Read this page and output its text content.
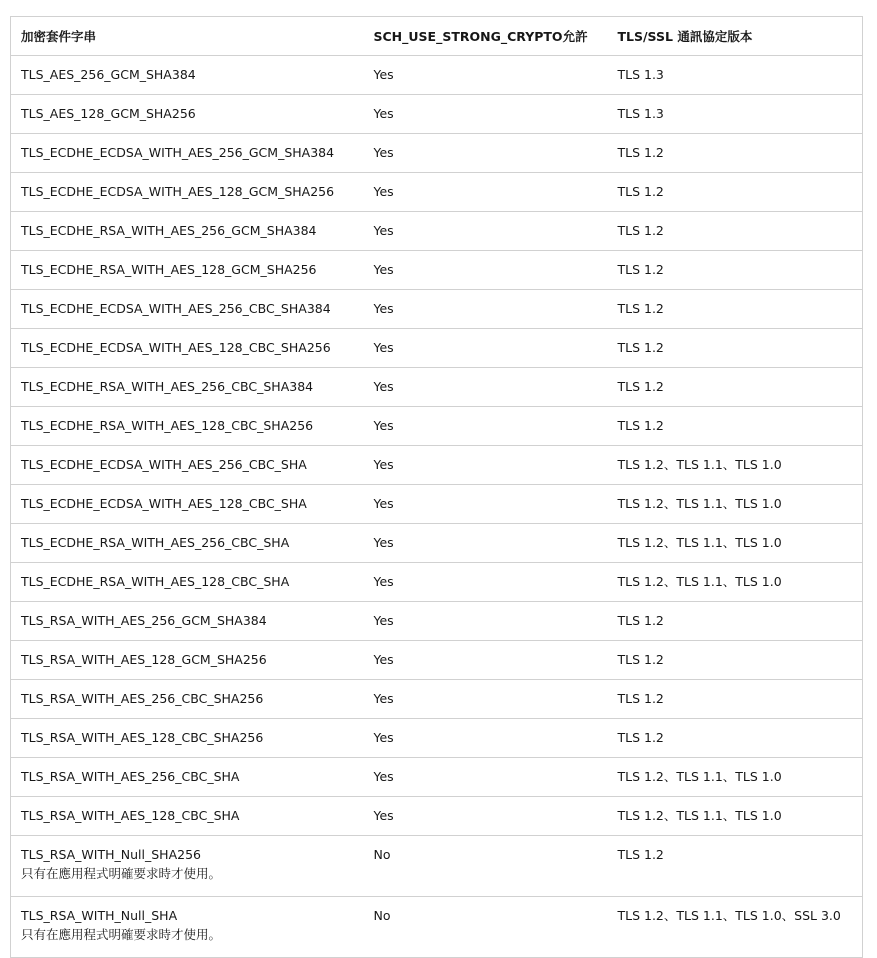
加密套件字串	SCH_USE_STRONG_CRYPTO允許	TLS/SSL 通訊協定版本
TLS_AES_256_GCM_SHA384	Yes	TLS 1.3
TLS_AES_128_GCM_SHA256	Yes	TLS 1.3
TLS_ECDHE_ECDSA_WITH_AES_256_GCM_SHA384	Yes	TLS 1.2
TLS_ECDHE_ECDSA_WITH_AES_128_GCM_SHA256	Yes	TLS 1.2
TLS_ECDHE_RSA_WITH_AES_256_GCM_SHA384	Yes	TLS 1.2
TLS_ECDHE_RSA_WITH_AES_128_GCM_SHA256	Yes	TLS 1.2
TLS_ECDHE_ECDSA_WITH_AES_256_CBC_SHA384	Yes	TLS 1.2
TLS_ECDHE_ECDSA_WITH_AES_128_CBC_SHA256	Yes	TLS 1.2
TLS_ECDHE_RSA_WITH_AES_256_CBC_SHA384	Yes	TLS 1.2
TLS_ECDHE_RSA_WITH_AES_128_CBC_SHA256	Yes	TLS 1.2
TLS_ECDHE_ECDSA_WITH_AES_256_CBC_SHA	Yes	TLS 1.2、TLS 1.1、TLS 1.0
TLS_ECDHE_ECDSA_WITH_AES_128_CBC_SHA	Yes	TLS 1.2、TLS 1.1、TLS 1.0
TLS_ECDHE_RSA_WITH_AES_256_CBC_SHA	Yes	TLS 1.2、TLS 1.1、TLS 1.0
TLS_ECDHE_RSA_WITH_AES_128_CBC_SHA	Yes	TLS 1.2、TLS 1.1、TLS 1.0
TLS_RSA_WITH_AES_256_GCM_SHA384	Yes	TLS 1.2
TLS_RSA_WITH_AES_128_GCM_SHA256	Yes	TLS 1.2
TLS_RSA_WITH_AES_256_CBC_SHA256	Yes	TLS 1.2
TLS_RSA_WITH_AES_128_CBC_SHA256	Yes	TLS 1.2
TLS_RSA_WITH_AES_256_CBC_SHA	Yes	TLS 1.2、TLS 1.1、TLS 1.0
TLS_RSA_WITH_AES_128_CBC_SHA	Yes	TLS 1.2、TLS 1.1、TLS 1.0
TLS_RSA_WITH_Null_SHA256
只有在應用程式明確要求時才使用。	No	TLS 1.2
TLS_RSA_WITH_Null_SHA
只有在應用程式明確要求時才使用。	No	TLS 1.2、TLS 1.1、TLS 1.0、SSL 3.0
